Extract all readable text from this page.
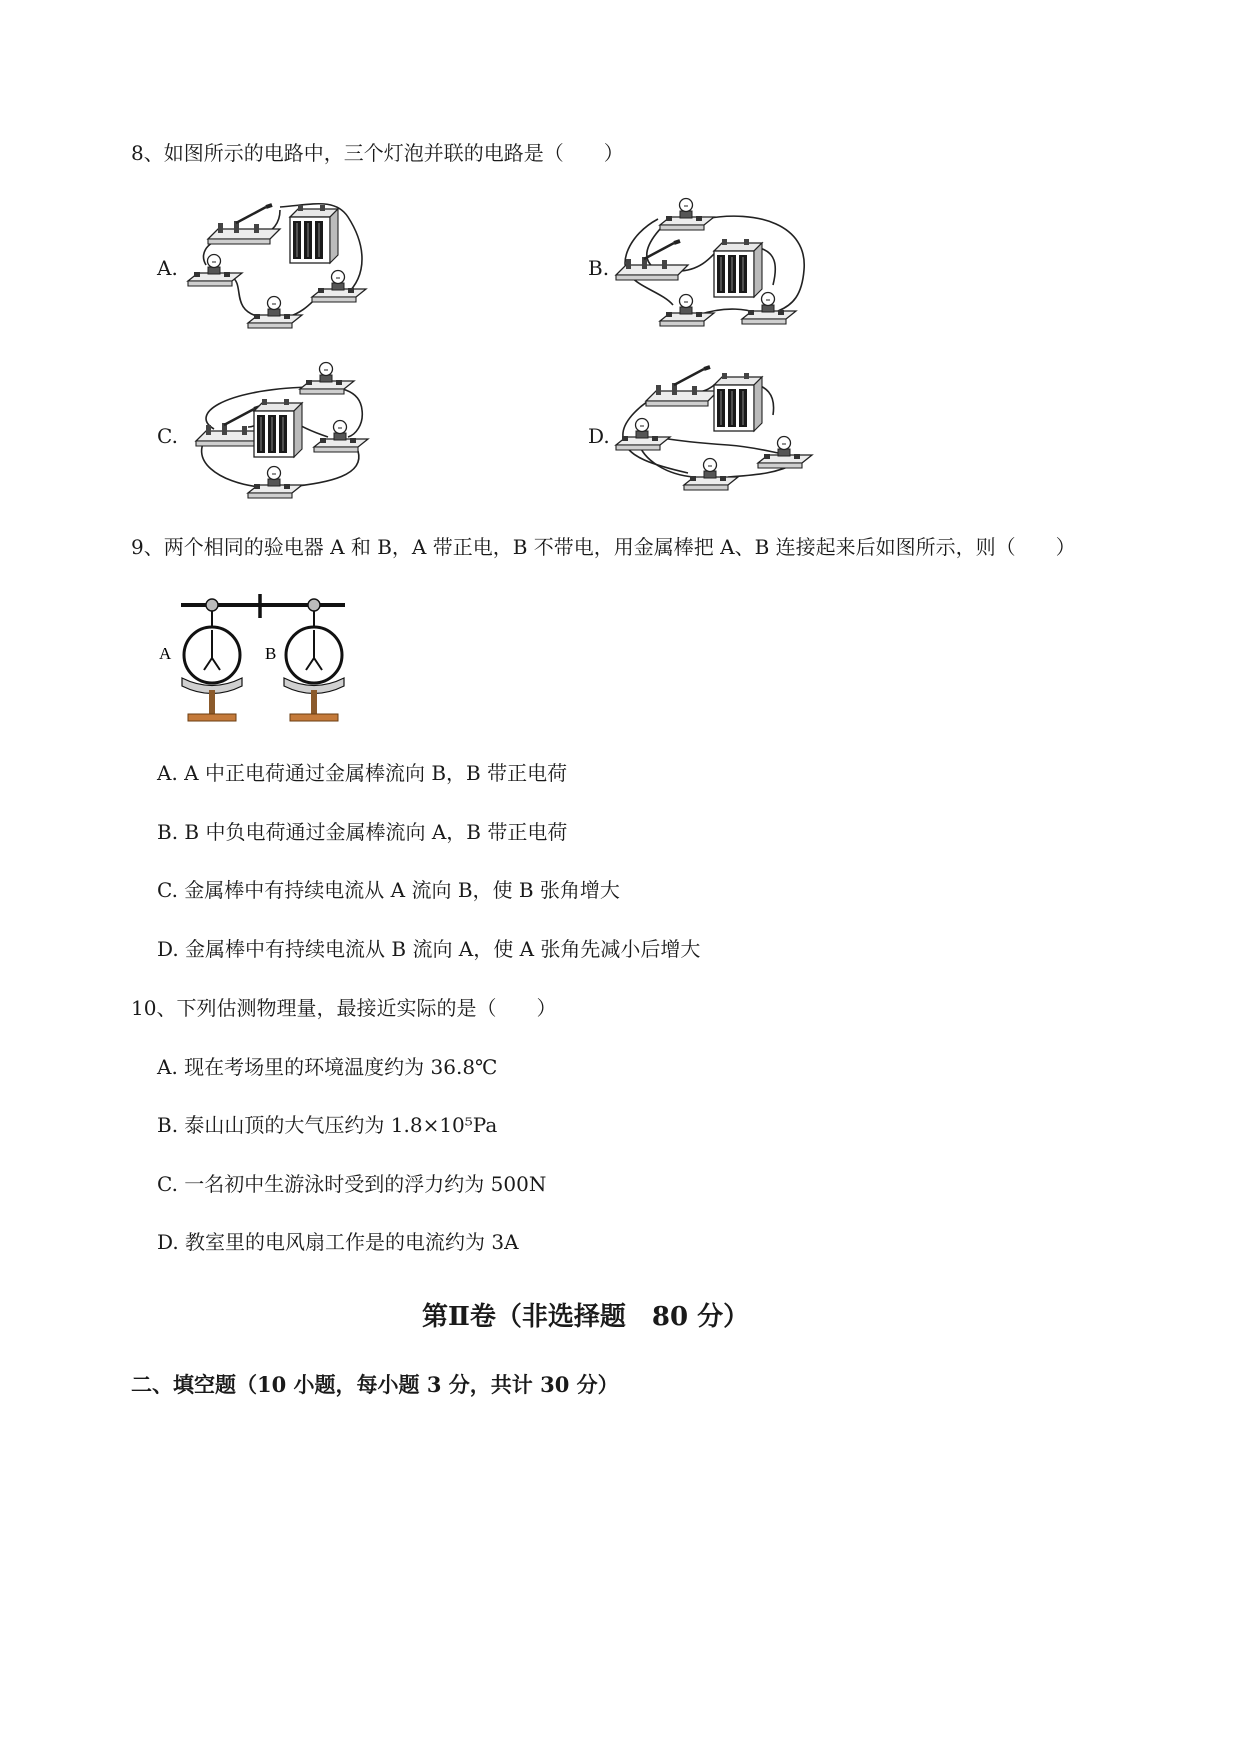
8、如图所示的电路中，三个灯泡并联的电路是（　　）
A.	B.
C.	D.
9、两个相同的验电器 A 和 B，A 带正电，B 不带电，用金属棒把 A、B 连接起来后如图所示，则（　　）
A	B
A. A 中正电荷通过金属棒流向 B，B 带正电荷
B. B 中负电荷通过金属棒流向 A，B 带正电荷
C. 金属棒中有持续电流从 A 流向 B，使 B 张角增大
D. 金属棒中有持续电流从 B 流向 A，使 A 张角先减小后增大
10、下列估测物理量，最接近实际的是（　　）
A. 现在考场里的环境温度约为 36.8℃
B. 泰山山顶的大气压约为 1.8×10⁵Pa
C. 一名初中生游泳时受到的浮力约为 500N
D. 教室里的电风扇工作是的电流约为 3A
第Ⅱ卷（非选择题　80 分）
二、填空题（10 小题，每小题 3 分，共计 30 分）
